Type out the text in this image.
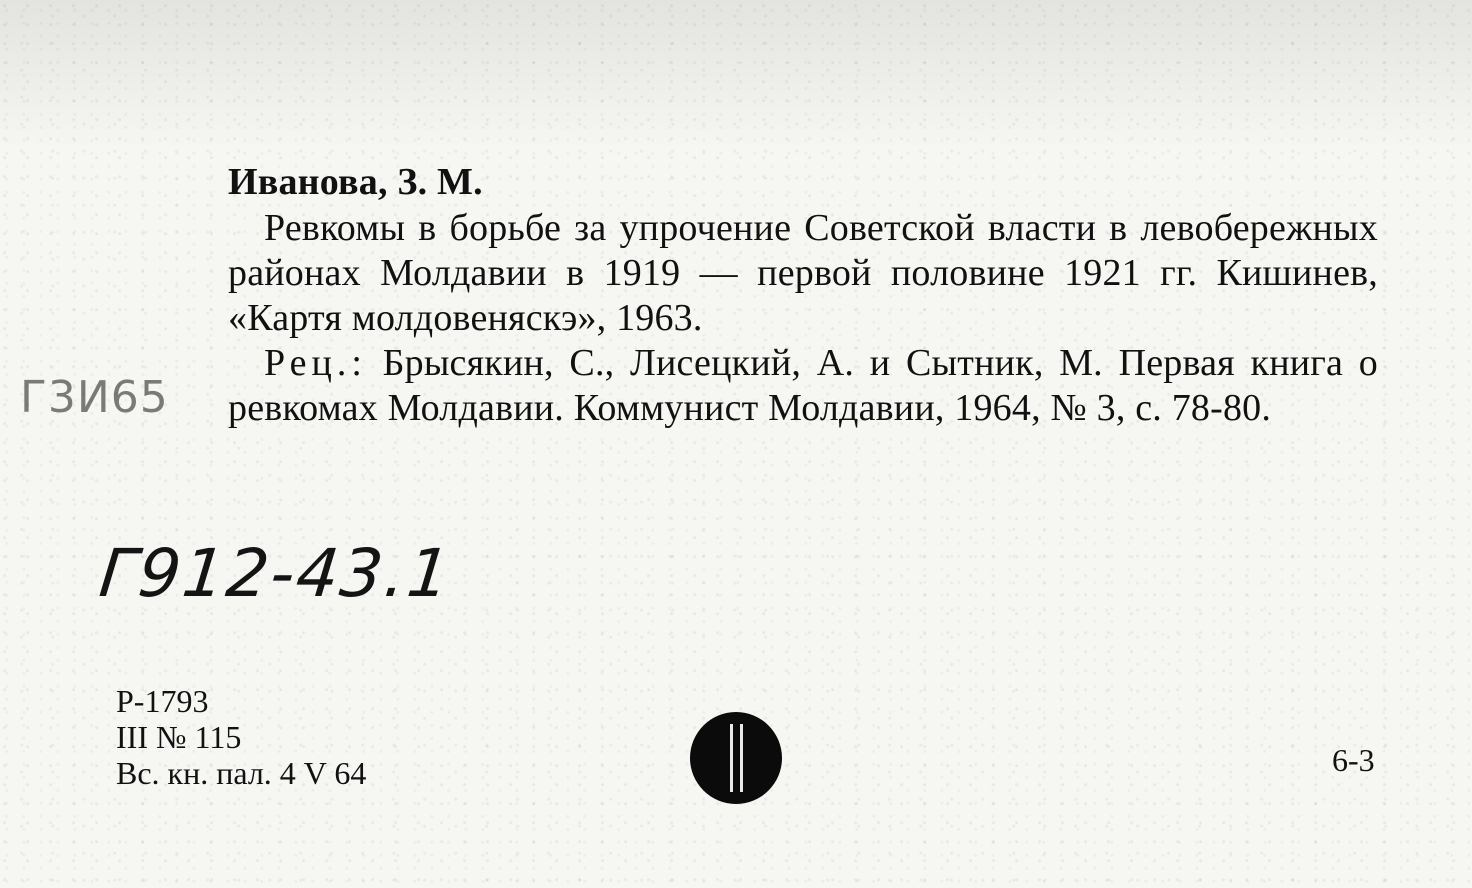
Г3И65
Иванова, З. М.

Ревкомы в борьбе за упрочение Советской власти в левобережных районах Молдавии в 1919 — первой половине 1921 гг. Кишинев, «Картя молдовеняскэ», 1963.

Рец.: Брысякин, С., Лисецкий, А. и Сытник, М. Первая книга о ревкомах Молдавии. Коммунист Молдавии, 1964, № 3, с. 78-80.

Г912-43.1
Р-1793
III № 115
Вс. кн. пал. 4 V 64	6-3
